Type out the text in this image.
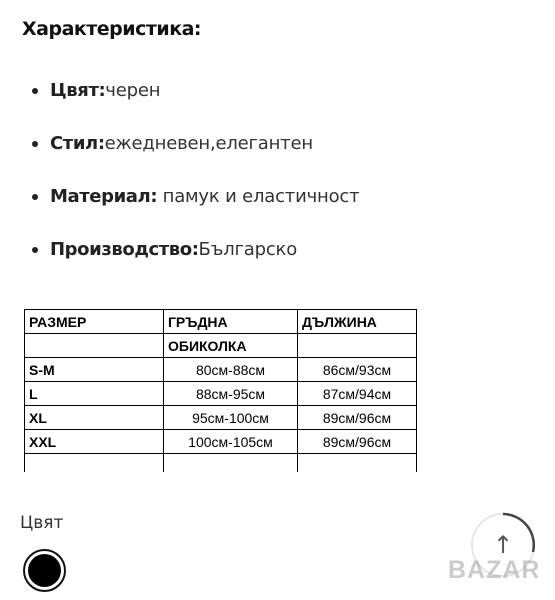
Характеристика:
Цвят:черен
Стил:ежедневен,елегантен
Материал: памук и еластичност
Производство:Българско
РАЗМЕР	ГРЪДНА	ДЪЛЖИНА
	ОБИКОЛКА	
S-M	80см-88см	86см/93см
L	88см-95см	87см/94см
XL	95см-100см	89см/96см
XXL	100см-105см	89см/96см

Цвят
↑
BAZAR
